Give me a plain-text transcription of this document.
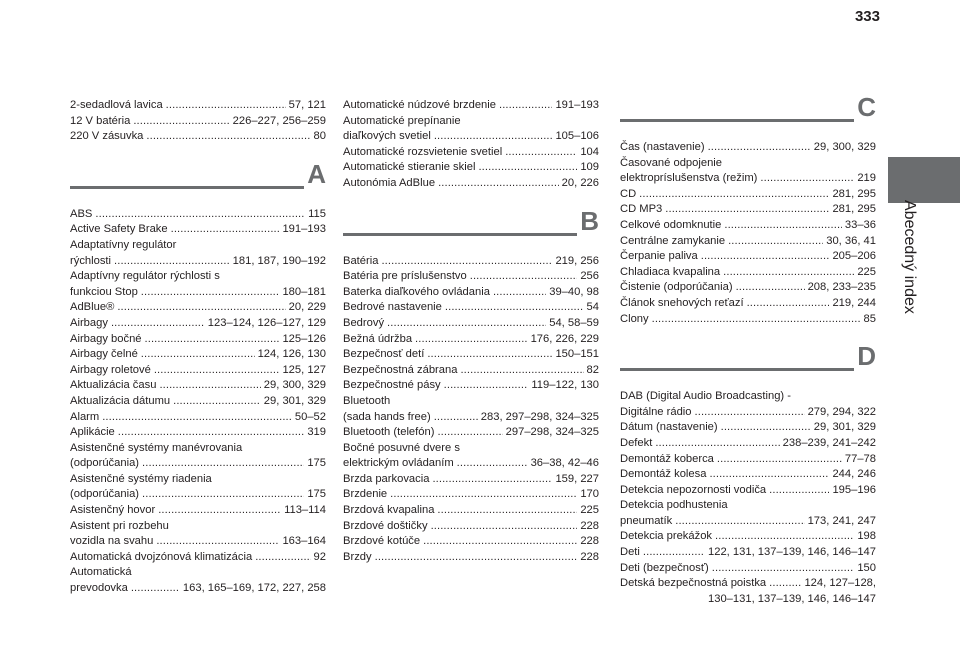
333
Abecedný index
2-sedadlová lavica . . .	57, 121
12 V batéria . . .	226–227, 256–259
220 V zásuvka . . .	80
A
ABS . . .	115
Active Safety Brake . . .	191–193
Adaptatívny regulátor
rýchlosti . . .	181, 187, 190–192
Adaptívny regulátor rýchlosti s
funkciou Stop . . .	180–181
AdBlue® . . .	20, 229
Airbagy . . .	123–124, 126–127, 129
Airbagy bočné . . .	125–126
Airbagy čelné . . .	124, 126, 130
Airbagy roletové . . .	125, 127
Aktualizácia času . . .	29, 300, 329
Aktualizácia dátumu . . .	29, 301, 329
Alarm . . .	50–52
Aplikácie . . .	319
Asistenčné systémy manévrovania
(odporúčania) . . .	175
Asistenčné systémy riadenia
(odporúčania) . . .	175
Asistenčný hovor . . .	113–114
Asistent pri rozbehu
vozidla na svahu . . .	163–164
Automatická dvojzónová klimatizácia . . .	92
Automatická
prevodovka . . .	163, 165–169, 172, 227, 258
Automatické núdzové brzdenie . . .	191–193
Automatické prepínanie
diaľkových svetiel . . .	105–106
Automatické rozsvietenie svetiel . . .	104
Automatické stieranie skiel . . .	109
Autonómia AdBlue . . .	20, 226
B
Batéria . . .	219, 256
Batéria pre príslušenstvo . . .	256
Baterka diaľkového ovládania . . .	39–40, 98
Bedrové nastavenie . . .	54
Bedrový . . .	54, 58–59
Bežná údržba . . .	176, 226, 229
Bezpečnosť detí . . .	150–151
Bezpečnostná zábrana . . .	82
Bezpečnostné pásy . . .	119–122, 130
Bluetooth
(sada hands free) . . .	283, 297–298, 324–325
Bluetooth (telefón) . . .	297–298, 324–325
Bočné posuvné dvere s
elektrickým ovládaním . . .	36–38, 42–46
Brzda parkovacia . . .	159, 227
Brzdenie . . .	170
Brzdová kvapalina . . .	225
Brzdové doštičky . . .	228
Brzdové kotúče . . .	228
Brzdy . . .	228
C
Čas (nastavenie) . . .	29, 300, 329
Časované odpojenie
elektropríslušenstva (režim) . . .	219
CD . . .	281, 295
CD MP3 . . .	281, 295
Celkové odomknutie . . .	33–36
Centrálne zamykanie . . .	30, 36, 41
Čerpanie paliva . . .	205–206
Chladiaca kvapalina . . .	225
Čistenie (odporúčania) . . .	208, 233–235
Článok snehových reťazí . . .	219, 244
Clony . . .	85
D
DAB (Digital Audio Broadcasting) -
Digitálne rádio . . .	279, 294, 322
Dátum (nastavenie) . . .	29, 301, 329
Defekt . . .	238–239, 241–242
Demontáž koberca . . .	77–78
Demontáž kolesa . . .	244, 246
Detekcia nepozornosti vodiča . . .	195–196
Detekcia podhustenia
pneumatík . . .	173, 241, 247
Detekcia prekážok . . .	198
Deti . . .	122, 131, 137–139, 146, 146–147
Deti (bezpečnosť) . . .	150
Detská bezpečnostná poistka . . .	124, 127–128,
130–131, 137–139, 146, 146–147
